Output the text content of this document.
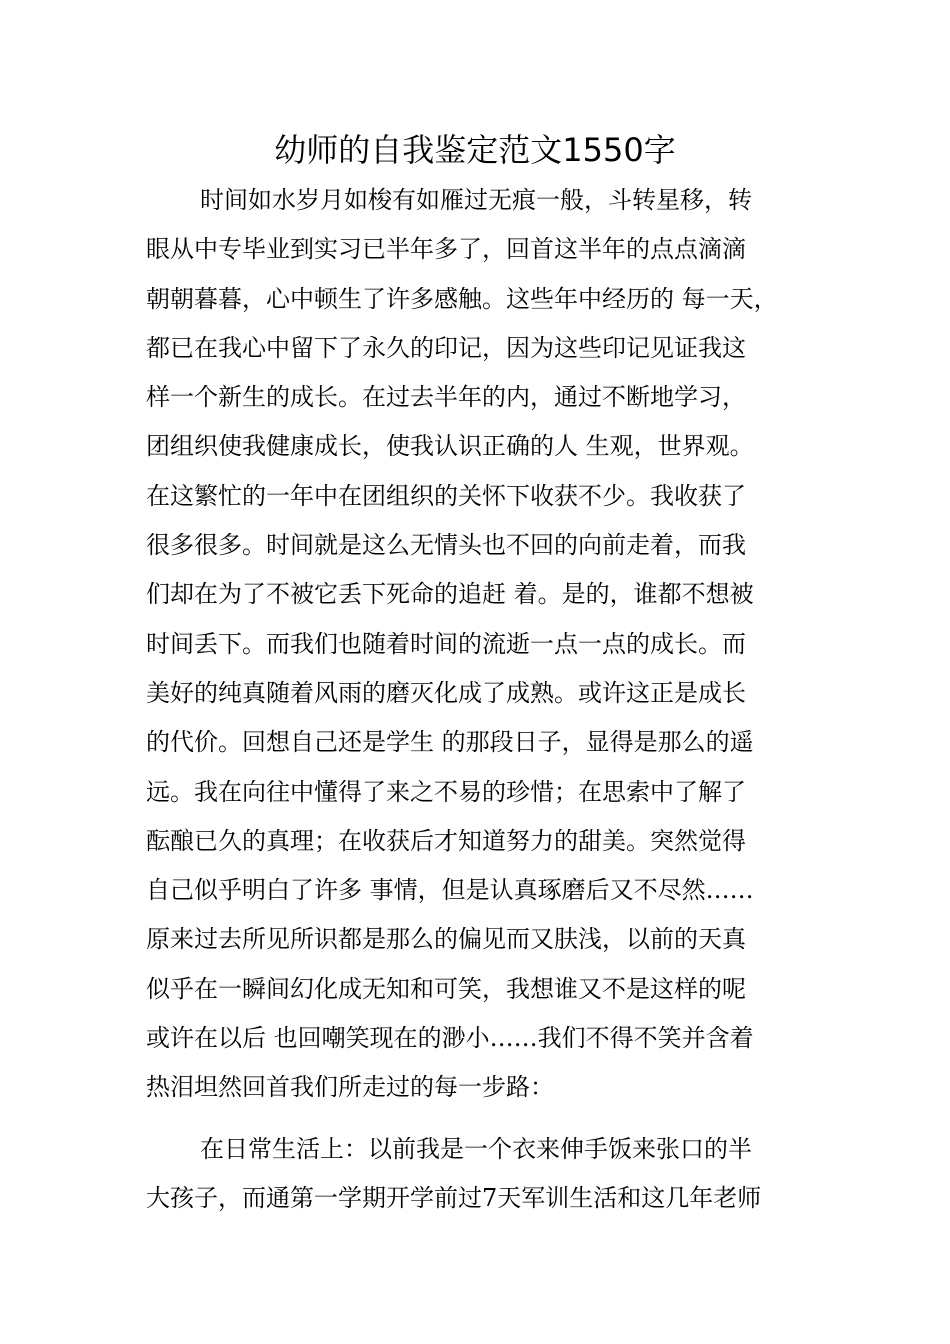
幼师的自我鉴定范文1550字
时间如水岁月如梭有如雁过无痕一般，斗转星移，转
眼从中专毕业到实习已半年多了，回首这半年的点点滴滴
朝朝暮暮，心中顿生了许多感触。这些年中经历的 每一天，
都已在我心中留下了永久的印记，因为这些印记见证我这
样一个新生的成长。在过去半年的内，通过不断地学习，
团组织使我健康成长，使我认识正确的人 生观，世界观。
在这繁忙的一年中在团组织的关怀下收获不少。我收获了
很多很多。时间就是这么无情头也不回的向前走着，而我
们却在为了不被它丢下死命的追赶 着。是的，谁都不想被
时间丢下。而我们也随着时间的流逝一点一点的成长。而
美好的纯真随着风雨的磨灭化成了成熟。或许这正是成长
的代价。回想自己还是学生 的那段日子，显得是那么的遥
远。我在向往中懂得了来之不易的珍惜；在思索中了解了
酝酿已久的真理；在收获后才知道努力的甜美。突然觉得
自己似乎明白了许多 事情，但是认真琢磨后又不尽然……
原来过去所见所识都是那么的偏见而又肤浅，以前的天真
似乎在一瞬间幻化成无知和可笑，我想谁又不是这样的呢
或许在以后 也回嘲笑现在的渺小……我们不得不笑并含着
热泪坦然回首我们所走过的每一步路：
在日常生活上：以前我是一个衣来伸手饭来张口的半
大孩子，而通第一学期开学前过7天军训生活和这几年老师
